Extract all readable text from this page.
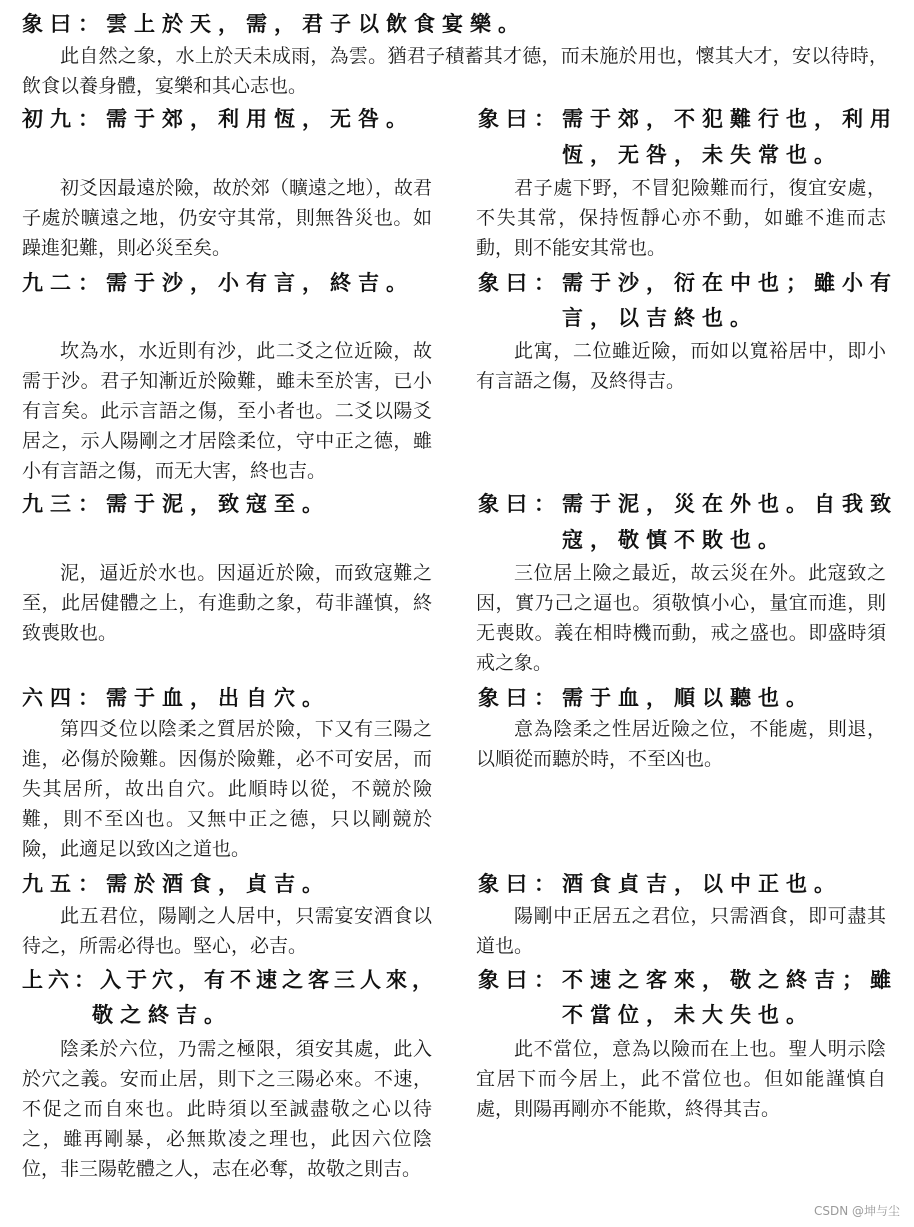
象曰：雲上於天，需，君子以飲食宴樂。
此自然之象，水上於天未成雨，為雲。猶君子積蓄其才德，而未施於用也，懷其大才，安以待時，飲食以養身體，宴樂和其心志也。
初九：需于郊，利用恆，无咎。	象曰：需于郊，不犯難行也，利用
恆，无咎，未失常也。
初爻因最遠於險，故於郊（曠遠之地），故君子處於曠遠之地，仍安守其常，則無咎災也。如躁進犯難，則必災至矣。
君子處下野，不冒犯險難而行，復宜安處，不失其常，保持恆靜心亦不動，如雖不進而志動，則不能安其常也。
九二：需于沙，小有言，終吉。	象曰：需于沙，衍在中也；雖小有
言，以吉終也。
坎為水，水近則有沙，此二爻之位近險，故需于沙。君子知漸近於險難，雖未至於害，已小有言矣。此示言語之傷，至小者也。二爻以陽爻居之，示人陽剛之才居陰柔位，守中正之德，雖小有言語之傷，而无大害，終也吉。
此寓，二位雖近險，而如以寬裕居中，即小有言語之傷，及終得吉。
九三：需于泥，致寇至。	象曰：需于泥，災在外也。自我致
寇，敬慎不敗也。
泥，逼近於水也。因逼近於險，而致寇難之至，此居健體之上，有進動之象，苟非謹慎，終致喪敗也。
三位居上險之最近，故云災在外。此寇致之因，實乃己之逼也。須敬慎小心，量宜而進，則无喪敗。義在相時機而動，戒之盛也。即盛時須戒之象。
六四：需于血，出自穴。	象曰：需于血，順以聽也。
第四爻位以陰柔之質居於險，下又有三陽之進，必傷於險難。因傷於險難，必不可安居，而失其居所，故出自穴。此順時以從，不競於險難，則不至凶也。又無中正之德，只以剛競於險，此適足以致凶之道也。
意為陰柔之性居近險之位，不能處，則退，以順從而聽於時，不至凶也。
九五：需於酒食，貞吉。	象曰：酒食貞吉，以中正也。
此五君位，陽剛之人居中，只需宴安酒食以待之，所需必得也。堅心，必吉。
陽剛中正居五之君位，只需酒食，即可盡其道也。
上六：入于穴，有不速之客三人來，
敬之終吉。
象曰：不速之客來，敬之終吉；雖
不當位，未大失也。
陰柔於六位，乃需之極限，須安其處，此入於穴之義。安而止居，則下之三陽必來。不速，不促之而自來也。此時須以至誠盡敬之心以待之，雖再剛暴，必無欺凌之理也，此因六位陰位，非三陽乾體之人，志在必奪，故敬之則吉。
此不當位，意為以險而在上也。聖人明示陰宜居下而今居上，此不當位也。但如能謹慎自處，則陽再剛亦不能欺，終得其吉。
CSDN @坤与尘
